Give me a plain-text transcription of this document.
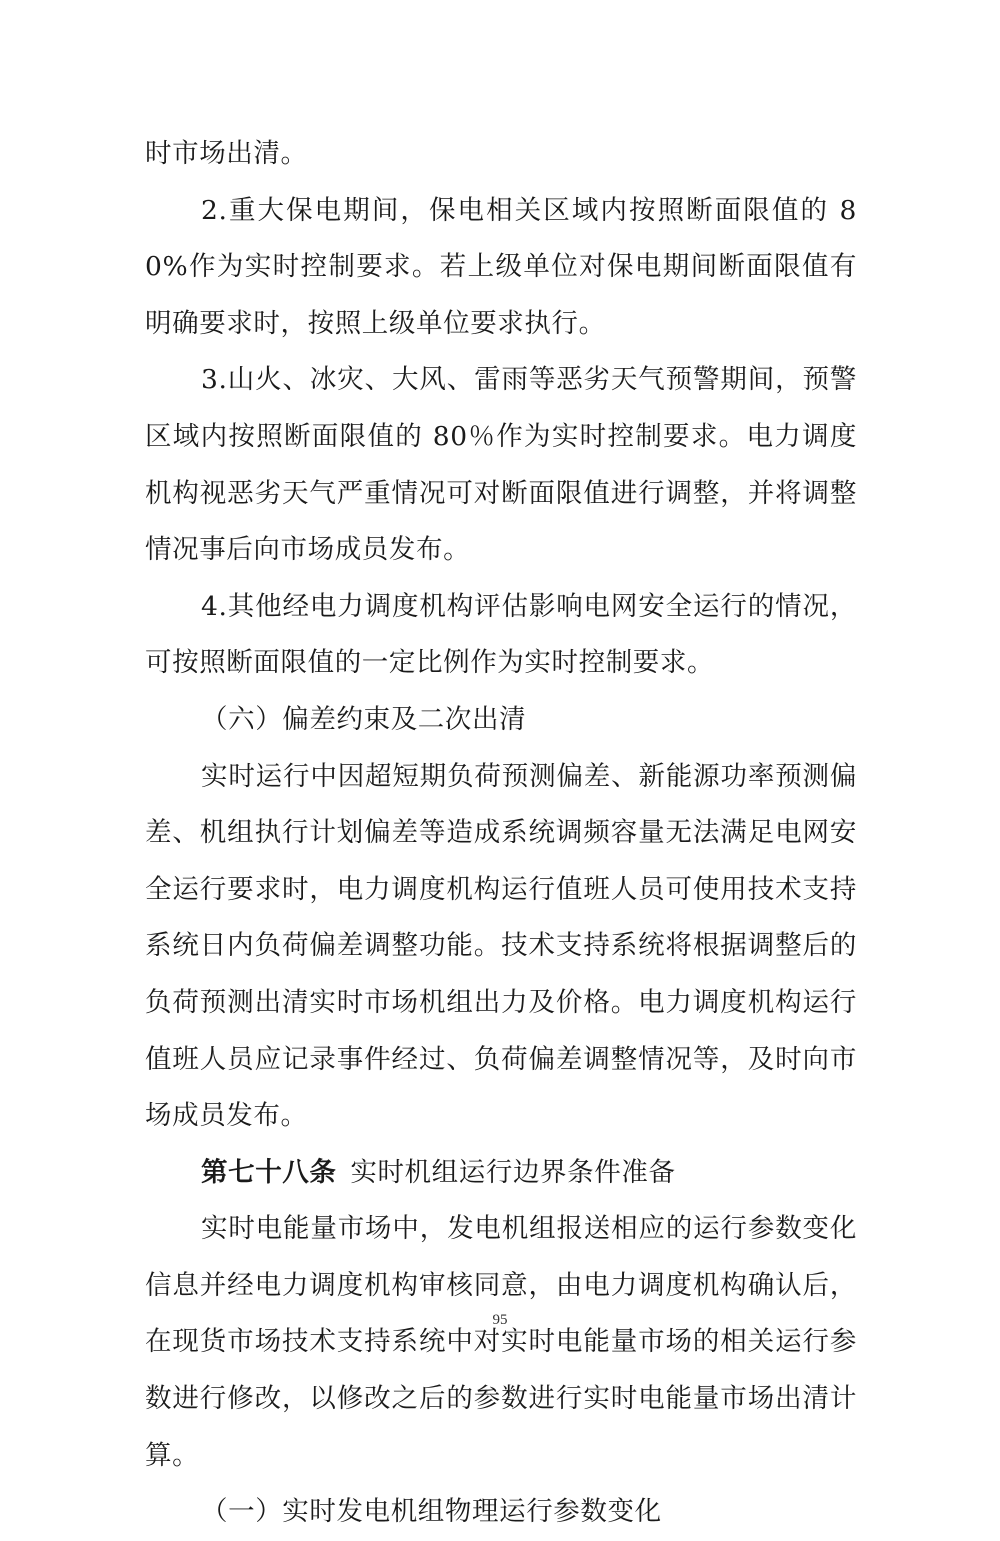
时市场出清。

2.重大保电期间，保电相关区域内按照断面限值的 80%作为实时控制要求。若上级单位对保电期间断面限值有明确要求时，按照上级单位要求执行。

3.山火、冰灾、大风、雷雨等恶劣天气预警期间，预警区域内按照断面限值的 80％作为实时控制要求。电力调度机构视恶劣天气严重情况可对断面限值进行调整，并将调整情况事后向市场成员发布。

4.其他经电力调度机构评估影响电网安全运行的情况，可按照断面限值的一定比例作为实时控制要求。

（六）偏差约束及二次出清

实时运行中因超短期负荷预测偏差、新能源功率预测偏差、机组执行计划偏差等造成系统调频容量无法满足电网安全运行要求时，电力调度机构运行值班人员可使用技术支持系统日内负荷偏差调整功能。技术支持系统将根据调整后的负荷预测出清实时市场机组出力及价格。电力调度机构运行值班人员应记录事件经过、负荷偏差调整情况等，及时向市场成员发布。

第七十八条  实时机组运行边界条件准备

实时电能量市场中，发电机组报送相应的运行参数变化信息并经电力调度机构审核同意，由电力调度机构确认后，在现货市场技术支持系统中对实时电能量市场的相关运行参数进行修改，以修改之后的参数进行实时电能量市场出清计算。

（一）实时发电机组物理运行参数变化

95
